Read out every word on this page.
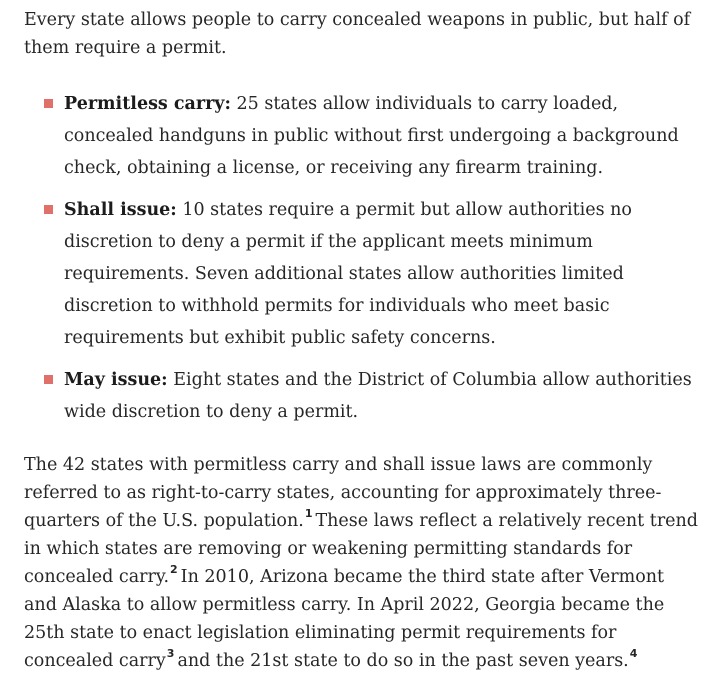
Every state allows people to carry concealed weapons in public, but half of them require a permit.

Permitless carry: 25 states allow individuals to carry loaded, concealed handguns in public without first undergoing a background check, obtaining a license, or receiving any firearm training.
Shall issue: 10 states require a permit but allow authorities no discretion to deny a permit if the applicant meets minimum requirements. Seven additional states allow authorities limited discretion to withhold permits for individuals who meet basic requirements but exhibit public safety concerns.
May issue: Eight states and the District of Columbia allow authorities wide discretion to deny a permit.

The 42 states with permitless carry and shall issue laws are commonly referred to as right-to-carry states, accounting for approximately three-quarters of the U.S. population.$^1$ These laws reflect a relatively recent trend in which states are removing or weakening permitting standards for concealed carry.$^2$ In 2010, Arizona became the third state after Vermont and Alaska to allow permitless carry. In April 2022, Georgia became the 25th state to enact legislation eliminating permit requirements for concealed carry$^3$ and the 21st state to do so in the past seven years.$^4$
